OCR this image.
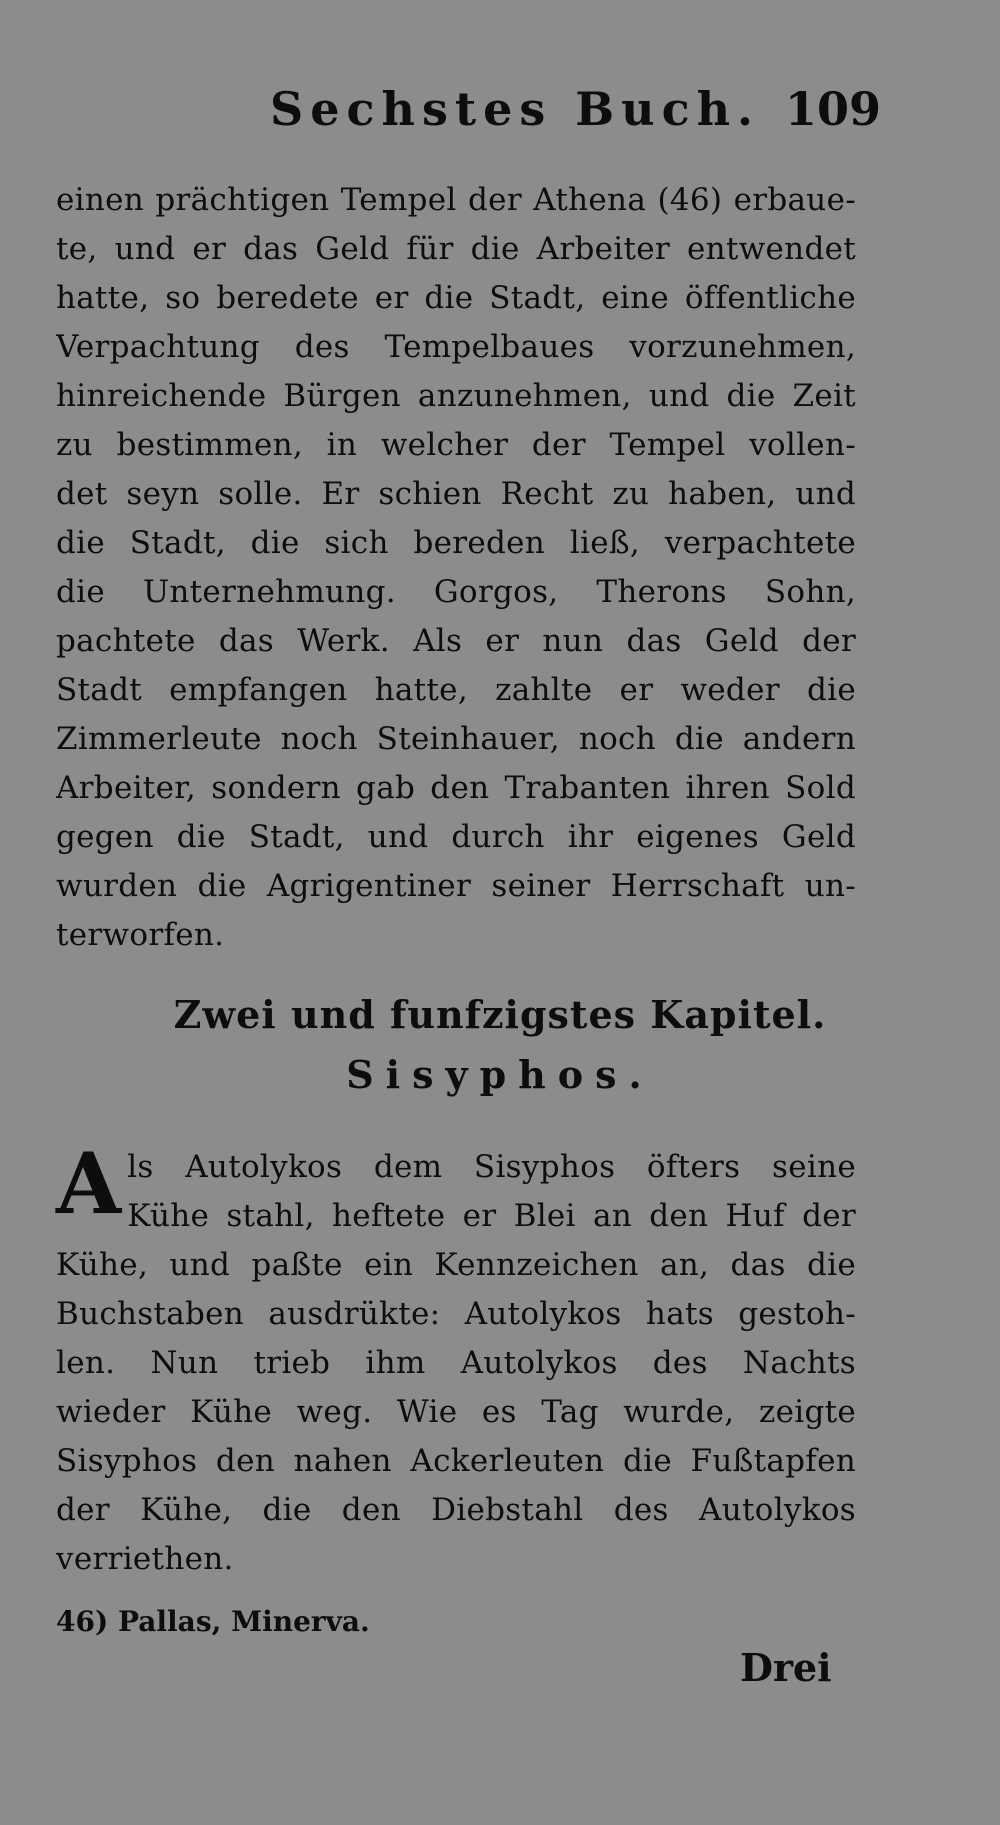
Sechstes Buch. 109
einen prächtigen Tempel der Athena (46) erbaue-
te, und er das Geld für die Arbeiter entwendet
hatte, so beredete er die Stadt, eine öffentliche
Verpachtung des Tempelbaues vorzunehmen,
hinreichende Bürgen anzunehmen, und die Zeit
zu bestimmen, in welcher der Tempel vollen-
det seyn solle. Er schien Recht zu haben, und
die Stadt, die sich bereden ließ, verpachtete
die Unternehmung. Gorgos, Therons Sohn,
pachtete das Werk. Als er nun das Geld der
Stadt empfangen hatte, zahlte er weder die
Zimmerleute noch Steinhauer, noch die andern
Arbeiter, sondern gab den Trabanten ihren Sold
gegen die Stadt, und durch ihr eigenes Geld
wurden die Agrigentiner seiner Herrschaft un-
terworfen.
Zwei und funfzigstes Kapitel.
Sisyphos.
A ls Autolykos dem Sisyphos öfters seine
Kühe stahl, heftete er Blei an den Huf der
Kühe, und paßte ein Kennzeichen an, das die
Buchstaben ausdrükte: Autolykos hats gestoh-
len. Nun trieb ihm Autolykos des Nachts
wieder Kühe weg. Wie es Tag wurde, zeigte
Sisyphos den nahen Ackerleuten die Fußtapfen
der Kühe, die den Diebstahl des Autolykos
verriethen.
46) Pallas, Minerva.
Drei
